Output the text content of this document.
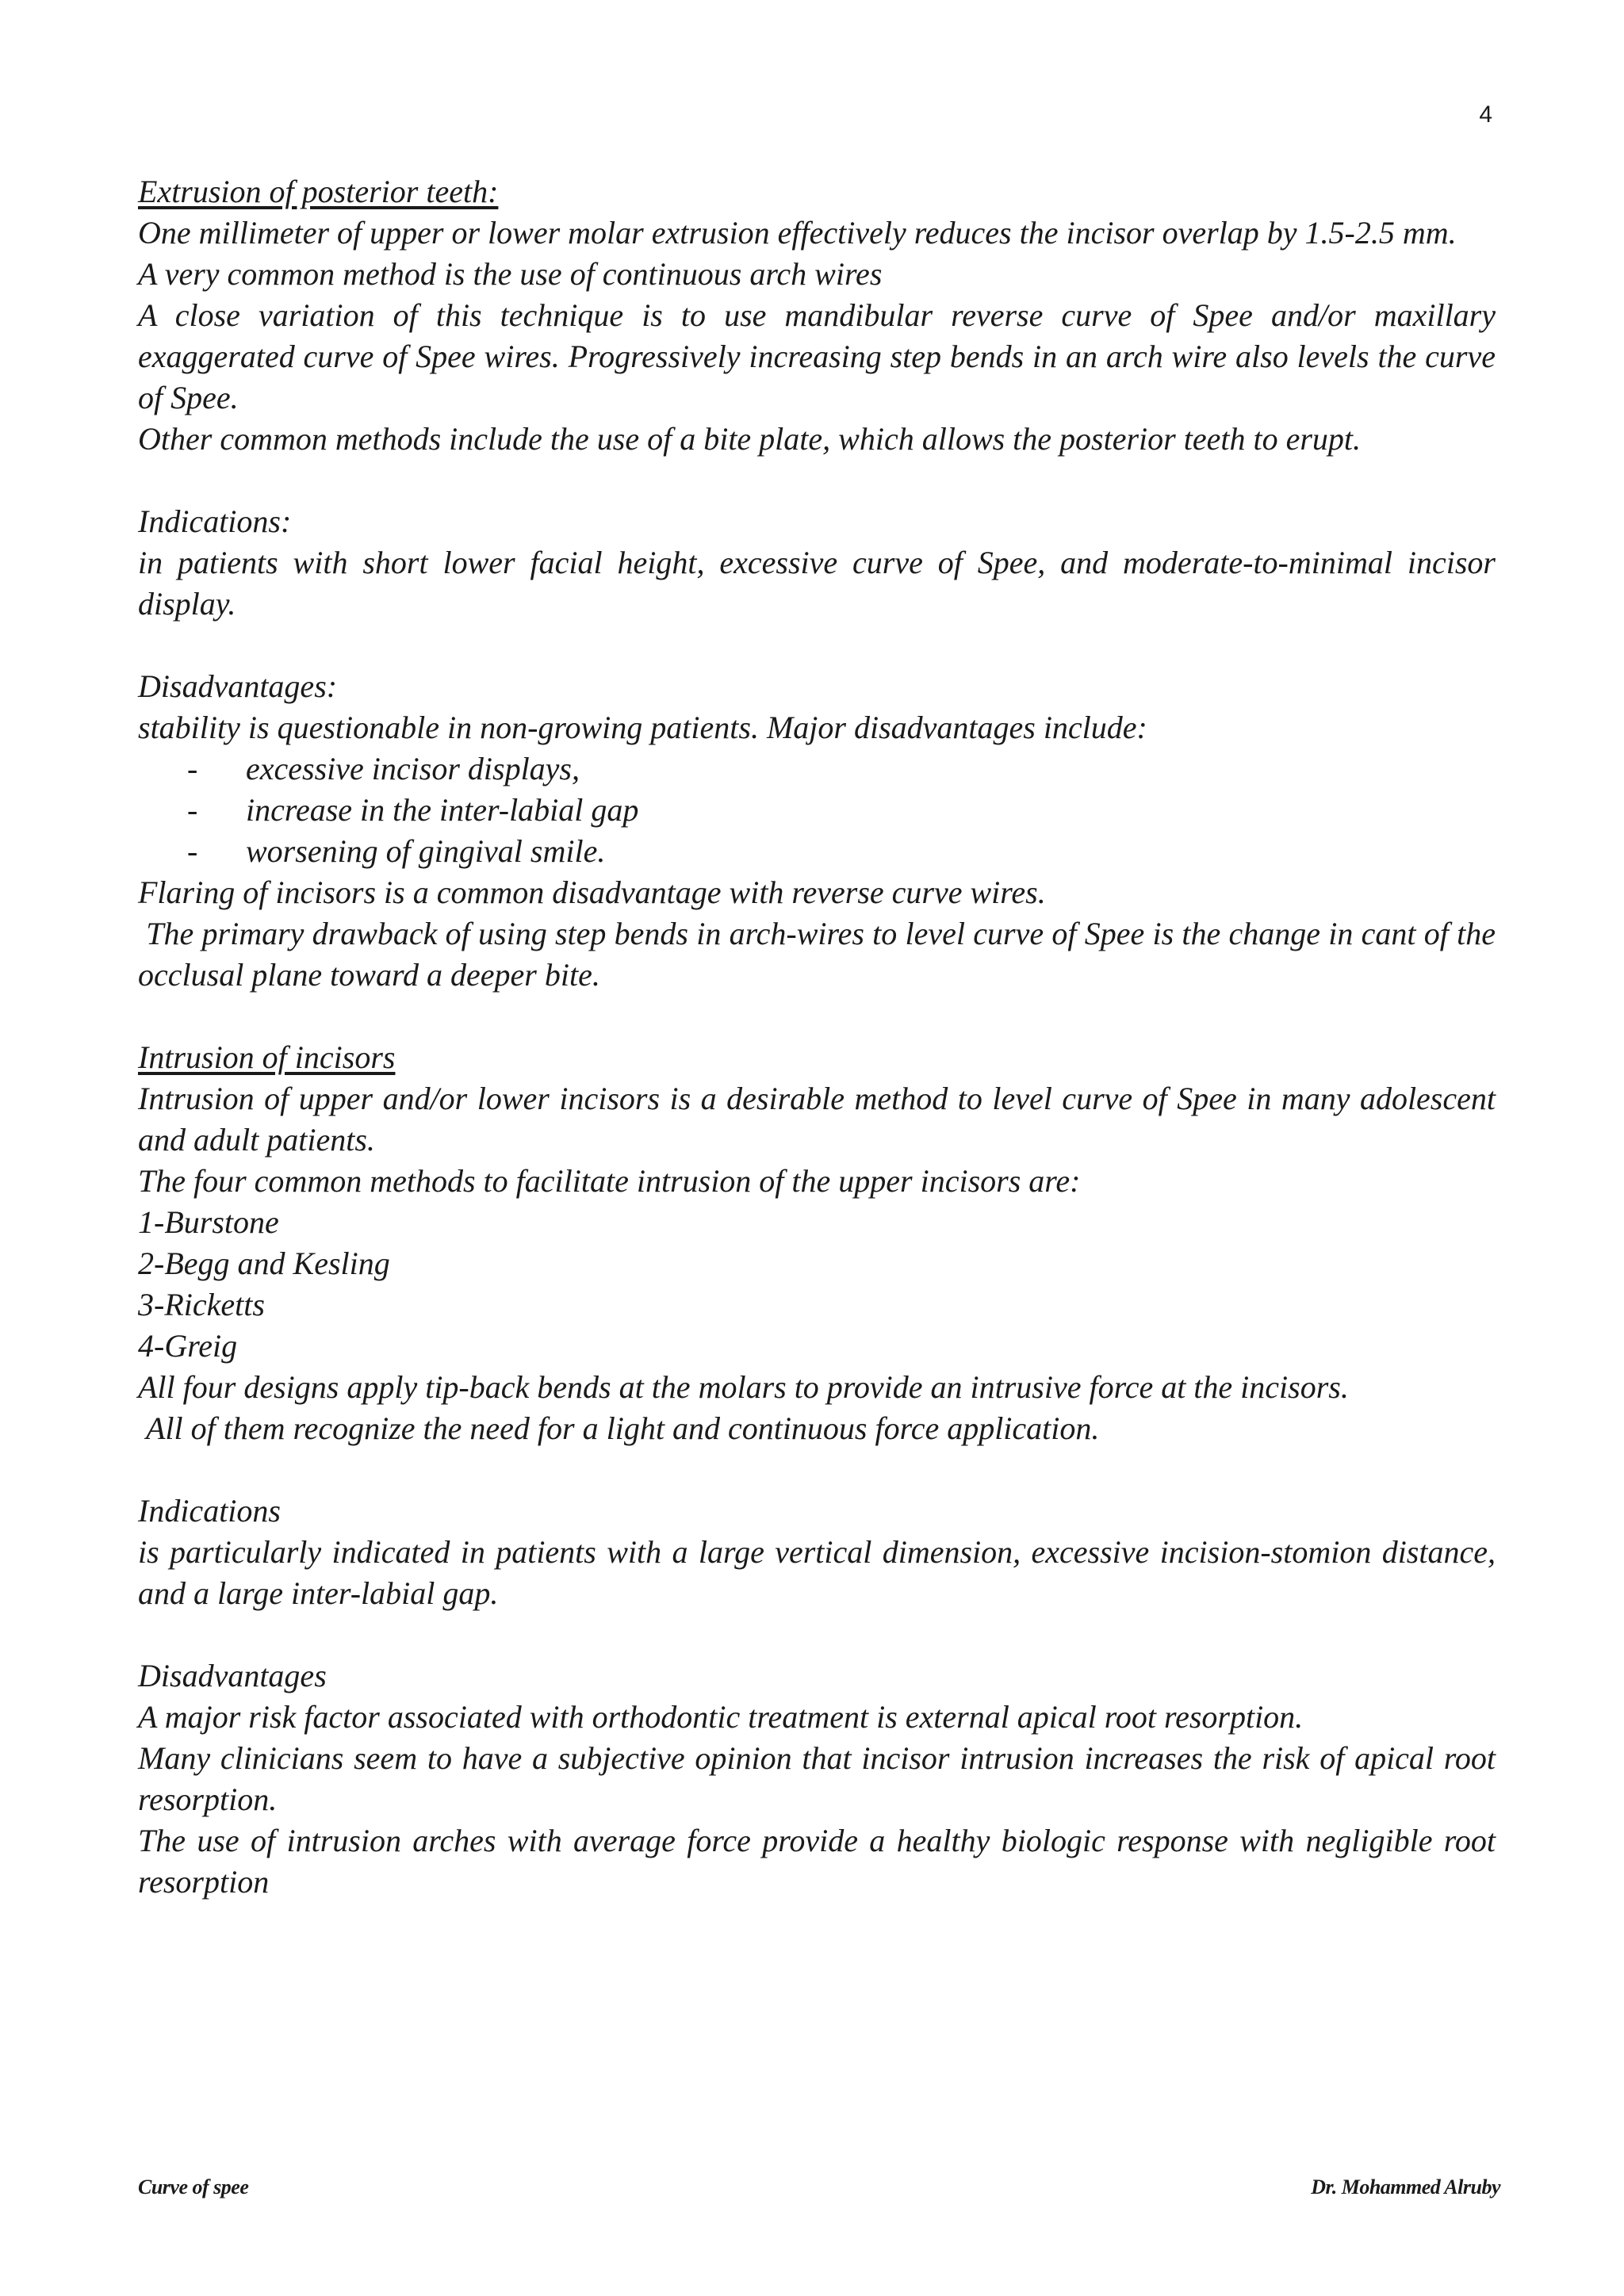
4

Extrusion of posterior teeth:

One millimeter of upper or lower molar extrusion effectively reduces the incisor overlap by 1.5-2.5 mm.

A very common method is the use of continuous arch wires

A close variation of this technique is to use mandibular reverse curve of Spee and/or maxillary exaggerated curve of Spee wires. Progressively increasing step bends in an arch wire also levels the curve of Spee.

Other common methods include the use of a bite plate, which allows the posterior teeth to erupt.

Indications:

in patients with short lower facial height, excessive curve of Spee, and moderate-to-minimal incisor display.

Disadvantages:

stability is questionable in non-growing patients. Major disadvantages include:

- excessive incisor displays,
- increase in the inter-labial gap
- worsening of gingival smile.

Flaring of incisors is a common disadvantage with reverse curve wires.

The primary drawback of using step bends in arch-wires to level curve of Spee is the change in cant of the occlusal plane toward a deeper bite.

Intrusion of incisors

Intrusion of upper and/or lower incisors is a desirable method to level curve of Spee in many adolescent and adult patients.

The four common methods to facilitate intrusion of the upper incisors are:

1-Burstone

2-Begg and Kesling

3-Ricketts

4-Greig

All four designs apply tip-back bends at the molars to provide an intrusive force at the incisors.

All of them recognize the need for a light and continuous force application.

Indications

is particularly indicated in patients with a large vertical dimension, excessive incision-stomion distance, and a large inter-labial gap.

Disadvantages

A major risk factor associated with orthodontic treatment is external apical root resorption.

Many clinicians seem to have a subjective opinion that incisor intrusion increases the risk of apical root resorption.

The use of intrusion arches with average force provide a healthy biologic response with negligible root resorption

Curve of spee	Dr. Mohammed Alruby
